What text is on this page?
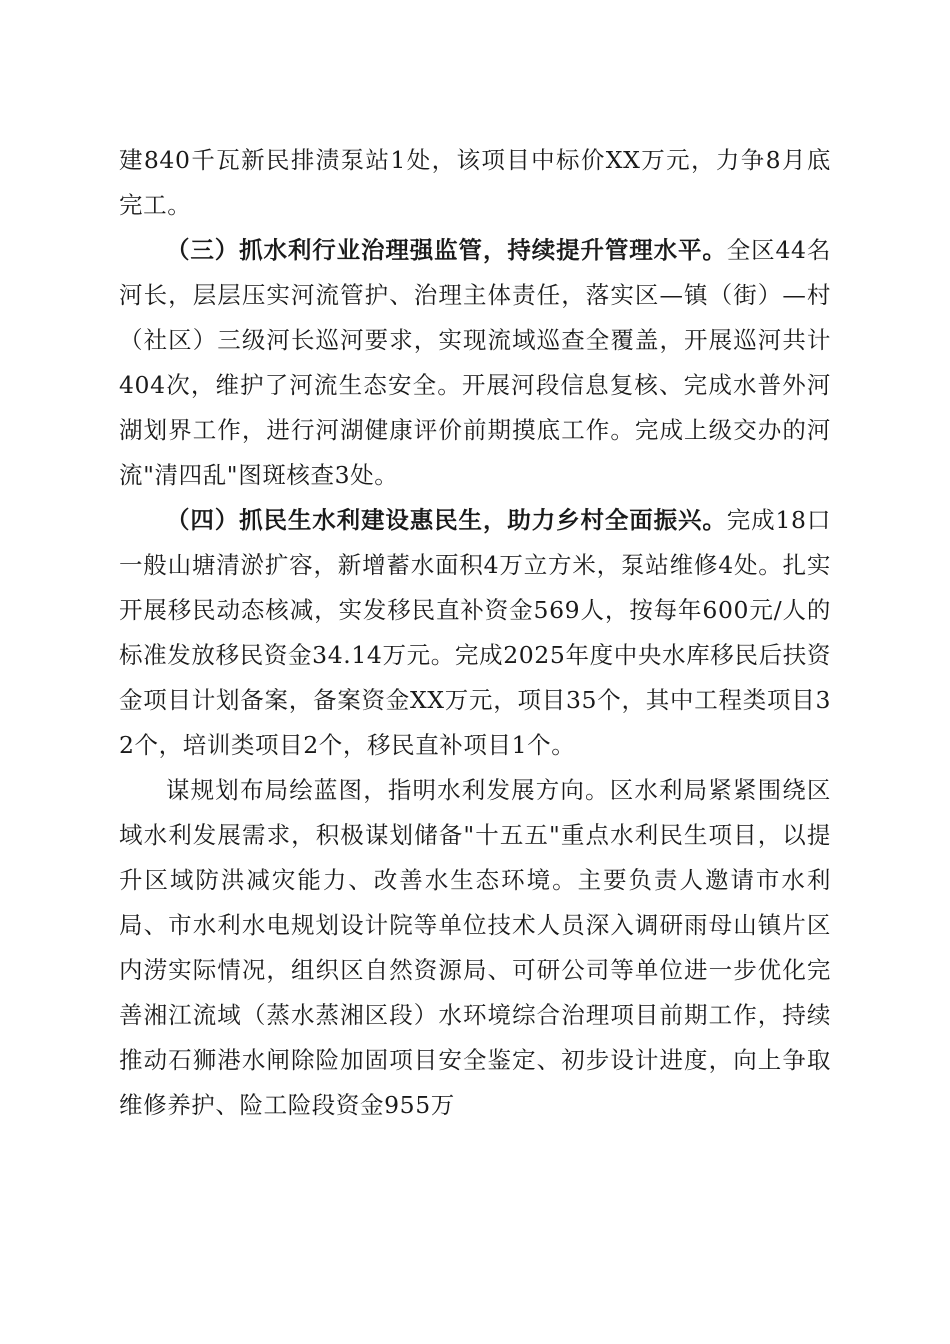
建840千瓦新民排渍泵站1处，该项目中标价XX万元，力争8月底完工。

（三）抓水利行业治理强监管，持续提升管理水平。全区44名河长，层层压实河流管护、治理主体责任，落实区—镇（街）—村（社区）三级河长巡河要求，实现流域巡查全覆盖，开展巡河共计404次，维护了河流生态安全。开展河段信息复核、完成水普外河湖划界工作，进行河湖健康评价前期摸底工作。完成上级交办的河流"清四乱"图斑核查3处。

（四）抓民生水利建设惠民生，助力乡村全面振兴。完成18口一般山塘清淤扩容，新增蓄水面积4万立方米，泵站维修4处。扎实开展移民动态核减，实发移民直补资金569人，按每年600元/人的标准发放移民资金34.14万元。完成2025年度中央水库移民后扶资金项目计划备案，备案资金XX万元，项目35个，其中工程类项目32个，培训类项目2个，移民直补项目1个。

谋规划布局绘蓝图，指明水利发展方向。区水利局紧紧围绕区域水利发展需求，积极谋划储备"十五五"重点水利民生项目，以提升区域防洪减灾能力、改善水生态环境。主要负责人邀请市水利局、市水利水电规划设计院等单位技术人员深入调研雨母山镇片区内涝实际情况，组织区自然资源局、可研公司等单位进一步优化完善湘江流域（蒸水蒸湘区段）水环境综合治理项目前期工作，持续推动石狮港水闸除险加固项目安全鉴定、初步设计进度，向上争取维修养护、险工险段资金955万
